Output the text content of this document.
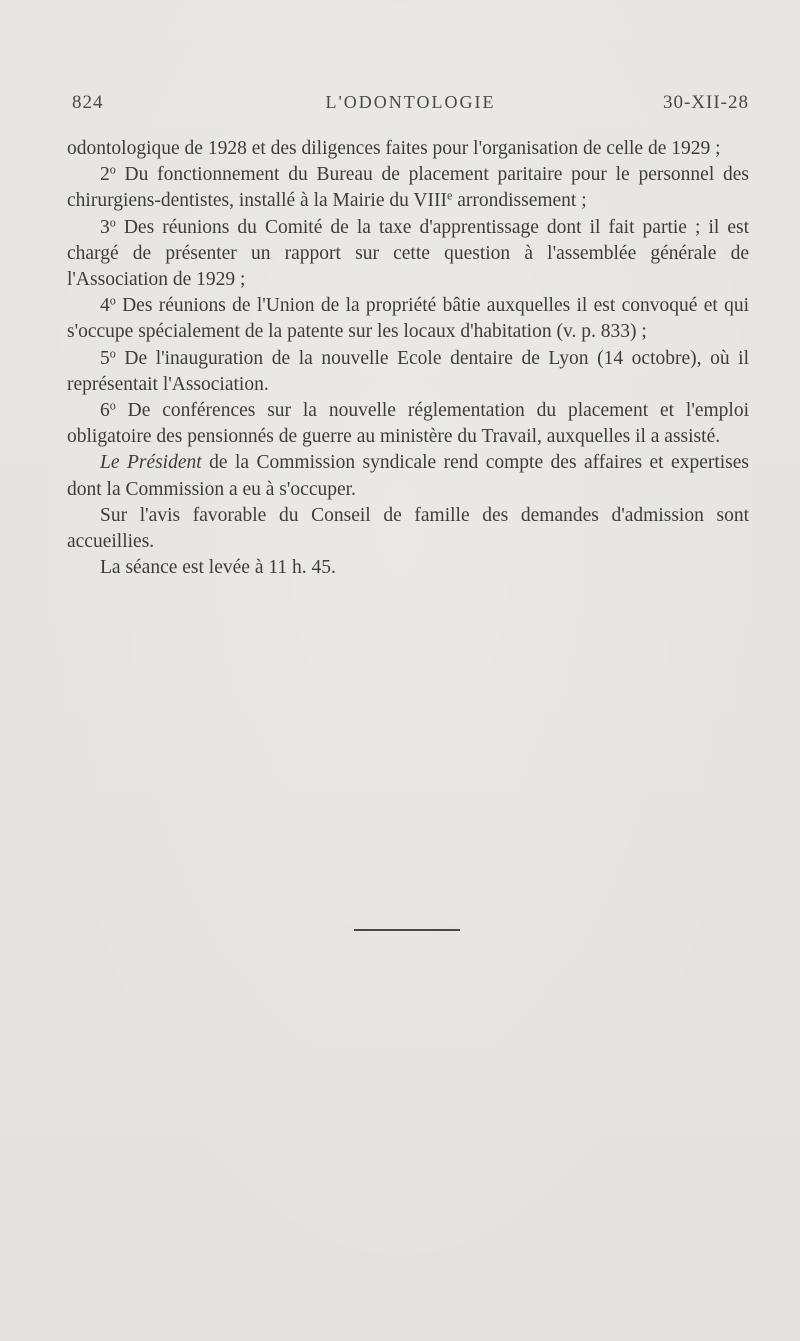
824	L'ODONTOLOGIE	30-XII-28

odontologique de 1928 et des diligences faites pour l'organisation de celle de 1929 ;

2$^o$ Du fonctionnement du Bureau de placement paritaire pour le personnel des chirurgiens-dentistes, installé à la Mairie du VIIIe arrondissement ;

3$^o$ Des réunions du Comité de la taxe d'apprentissage dont il fait partie ; il est chargé de présenter un rapport sur cette question à l'assemblée générale de l'Association de 1929 ;

4$^o$ Des réunions de l'Union de la propriété bâtie auxquelles il est convoqué et qui s'occupe spécialement de la patente sur les locaux d'habitation (v. p. 833) ;

5$^o$ De l'inauguration de la nouvelle Ecole dentaire de Lyon (14 octobre), où il représentait l'Association.

6$^o$ De conférences sur la nouvelle réglementation du placement et l'emploi obligatoire des pensionnés de guerre au ministère du Travail, auxquelles il a assisté.

Le Président de la Commission syndicale rend compte des affaires et expertises dont la Commission a eu à s'occuper.

Sur l'avis favorable du Conseil de famille des demandes d'admission sont accueillies.

La séance est levée à 11 h. 45.
